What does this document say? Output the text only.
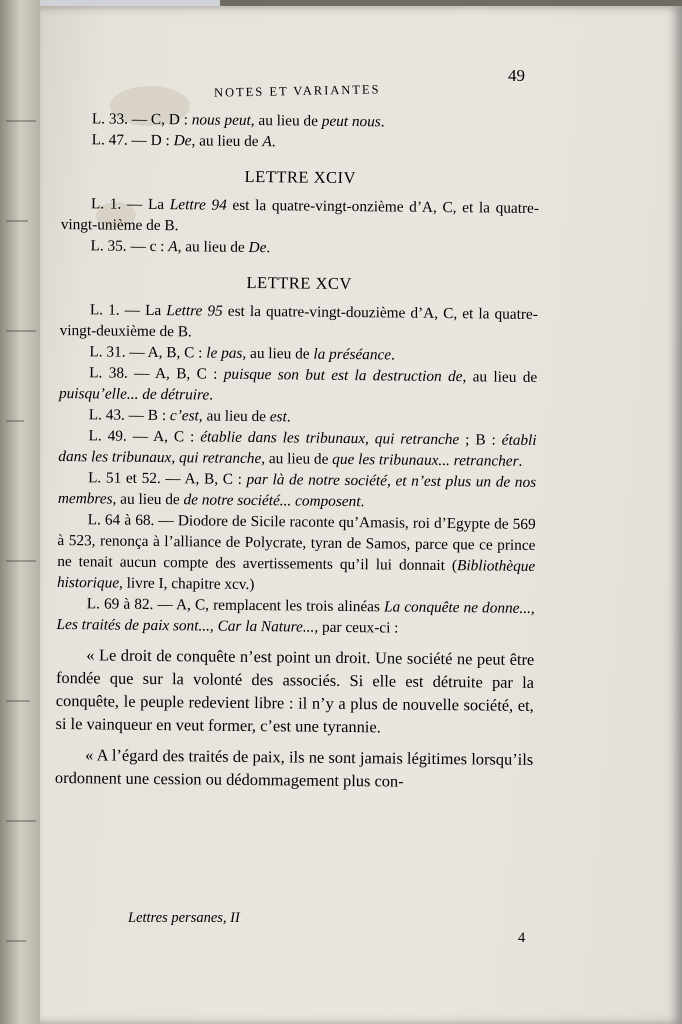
NOTES ET VARIANTES
49

L. 33. — C, D : nous peut, au lieu de peut nous.

L. 47. — D : De, au lieu de A.

LETTRE XCIV

L. 1. — La Lettre 94 est la quatre-vingt-onzième d’A, C, et la quatre-vingt-unième de B.

L. 35. — c : A, au lieu de De.

LETTRE XCV

L. 1. — La Lettre 95 est la quatre-vingt-douzième d’A, C, et la quatre-vingt-deuxième de B.

L. 31. — A, B, C : le pas, au lieu de la préséance.

L. 38. — A, B, C : puisque son but est la destruction de, au lieu de puisqu’elle... de détruire.

L. 43. — B : c’est, au lieu de est.

L. 49. — A, C : établie dans les tribunaux, qui retranche ; B : établi dans les tribunaux, qui retranche, au lieu de que les tribunaux... retrancher.

L. 51 et 52. — A, B, C : par là de notre société, et n’est plus un de nos membres, au lieu de de notre société... composent.

L. 64 à 68. — Diodore de Sicile raconte qu’Amasis, roi d’Egypte de 569 à 523, renonça à l’alliance de Polycrate, tyran de Samos, parce que ce prince ne tenait aucun compte des avertissements qu’il lui donnait (Bibliothèque historique, livre I, chapitre xcv.)

L. 69 à 82. — A, C, remplacent les trois alinéas La conquête ne donne..., Les traités de paix sont..., Car la Nature..., par ceux-ci :

« Le droit de conquête n’est point un droit. Une société ne peut être fondée que sur la volonté des associés. Si elle est détruite par la conquête, le peuple redevient libre : il n’y a plus de nouvelle société, et, si le vainqueur en veut former, c’est une tyrannie.

« A l’égard des traités de paix, ils ne sont jamais légitimes lorsqu’ils ordonnent une cession ou dédommagement plus con-

Lettres persanes, II
4
